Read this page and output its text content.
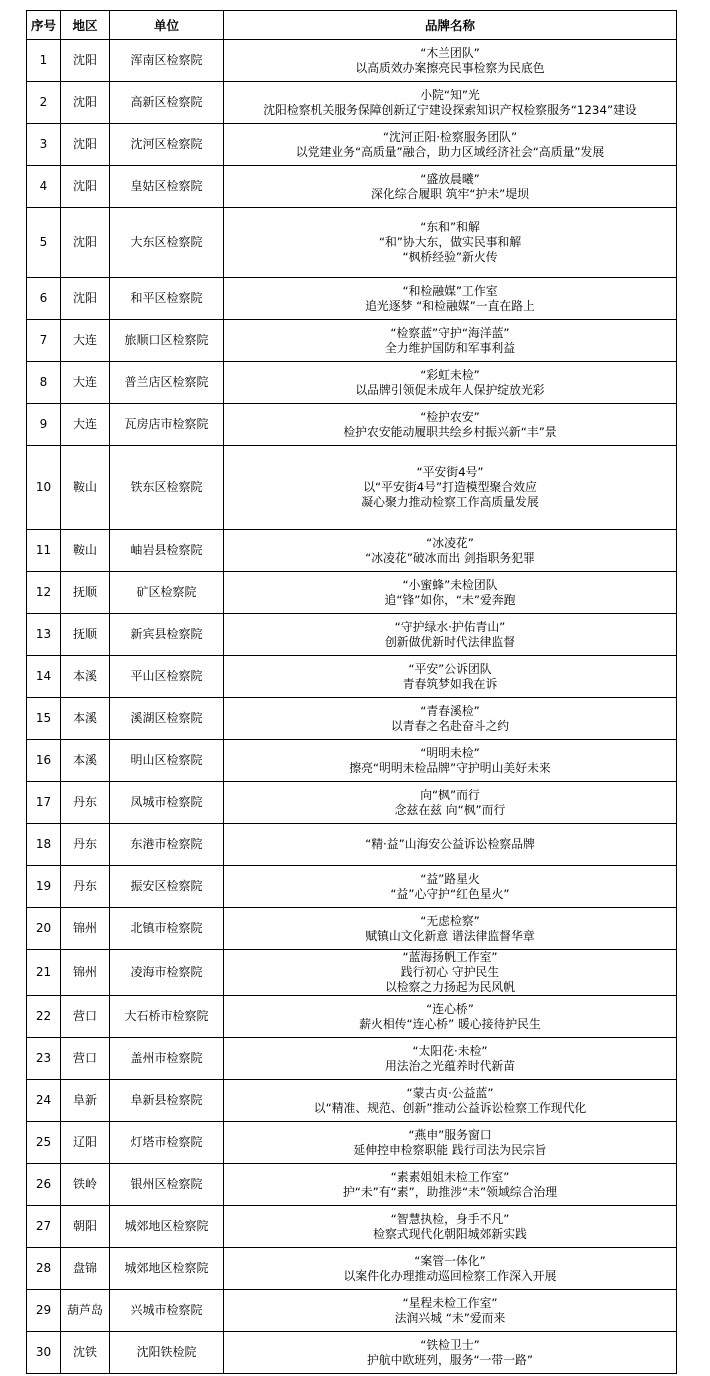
序号	地区	单位	品牌名称
1	沈阳	浑南区检察院	“木兰团队”
以高质效办案擦亮民事检察为民底色

2	沈阳	高新区检察院	小院“知”光
沈阳检察机关服务保障创新辽宁建设探索知识产权检察服务“1234”建设

3	沈阳	沈河区检察院	“沈河正阳·检察服务团队”
以党建业务“高质量”融合，助力区域经济社会“高质量”发展

4	沈阳	皇姑区检察院	“盛放晨曦”
深化综合履职 筑牢“护未”堤坝

5	沈阳	大东区检察院	“东和”和解
“和”协大东，做实民事和解
“枫桥经验”新火传

6	沈阳	和平区检察院	“和检融媒”工作室
追光逐梦 “和检融媒”一直在路上

7	大连	旅顺口区检察院	“检察蓝”守护“海洋蓝”
全力维护国防和军事利益

8	大连	普兰店区检察院	“彩虹未检”
以品牌引领促未成年人保护绽放光彩

9	大连	瓦房店市检察院	“检护农安”
检护农安能动履职共绘乡村振兴新“丰”景

10	鞍山	铁东区检察院	“平安街4号”
以“平安街4号”打造模型聚合效应
凝心聚力推动检察工作高质量发展

11	鞍山	岫岩县检察院	“冰凌花”
“冰凌花”破冰而出 剑指职务犯罪

12	抚顺	矿区检察院	“小蜜蜂”未检团队
追“锋”如你，“未”爱奔跑

13	抚顺	新宾县检察院	“守护绿水·护佑青山”
创新做优新时代法律监督

14	本溪	平山区检察院	“平安”公诉团队
青春筑梦如我在诉

15	本溪	溪湖区检察院	“青春溪检”
以青春之名赴奋斗之约

16	本溪	明山区检察院	“明明未检”
擦亮“明明未检品牌”守护明山美好未来

17	丹东	凤城市检察院	向“枫”而行
念兹在兹 向“枫”而行

18	丹东	东港市检察院	“精·益”山海安公益诉讼检察品牌

19	丹东	振安区检察院	“益”路星火
“益”心守护“红色星火”

20	锦州	北镇市检察院	“无虑检察”
赋镇山文化新意 谱法律监督华章

21	锦州	凌海市检察院	“蓝海扬帆工作室”
践行初心 守护民生
以检察之力扬起为民风帆

22	营口	大石桥市检察院	“连心桥”
薪火相传“连心桥” 暖心接待护民生

23	营口	盖州市检察院	“太阳花·未检”
用法治之光蕴养时代新苗

24	阜新	阜新县检察院	“蒙古贞·公益蓝”
以“精准、规范、创新”推动公益诉讼检察工作现代化

25	辽阳	灯塔市检察院	“燕申”服务窗口
延伸控申检察职能 践行司法为民宗旨

26	铁岭	银州区检察院	“素素姐姐未检工作室”
护“未”有“素”，助推涉“未”领域综合治理

27	朝阳	城郊地区检察院	“智慧执检，身手不凡”
检察式现代化朝阳城郊新实践

28	盘锦	城郊地区检察院	“案管一体化”
以案件化办理推动巡回检察工作深入开展

29	葫芦岛	兴城市检察院	“星程未检工作室”
法润兴城 “未”爱而来

30	沈铁	沈阳铁检院	“铁检卫士”
护航中欧班列，服务“一带一路”
